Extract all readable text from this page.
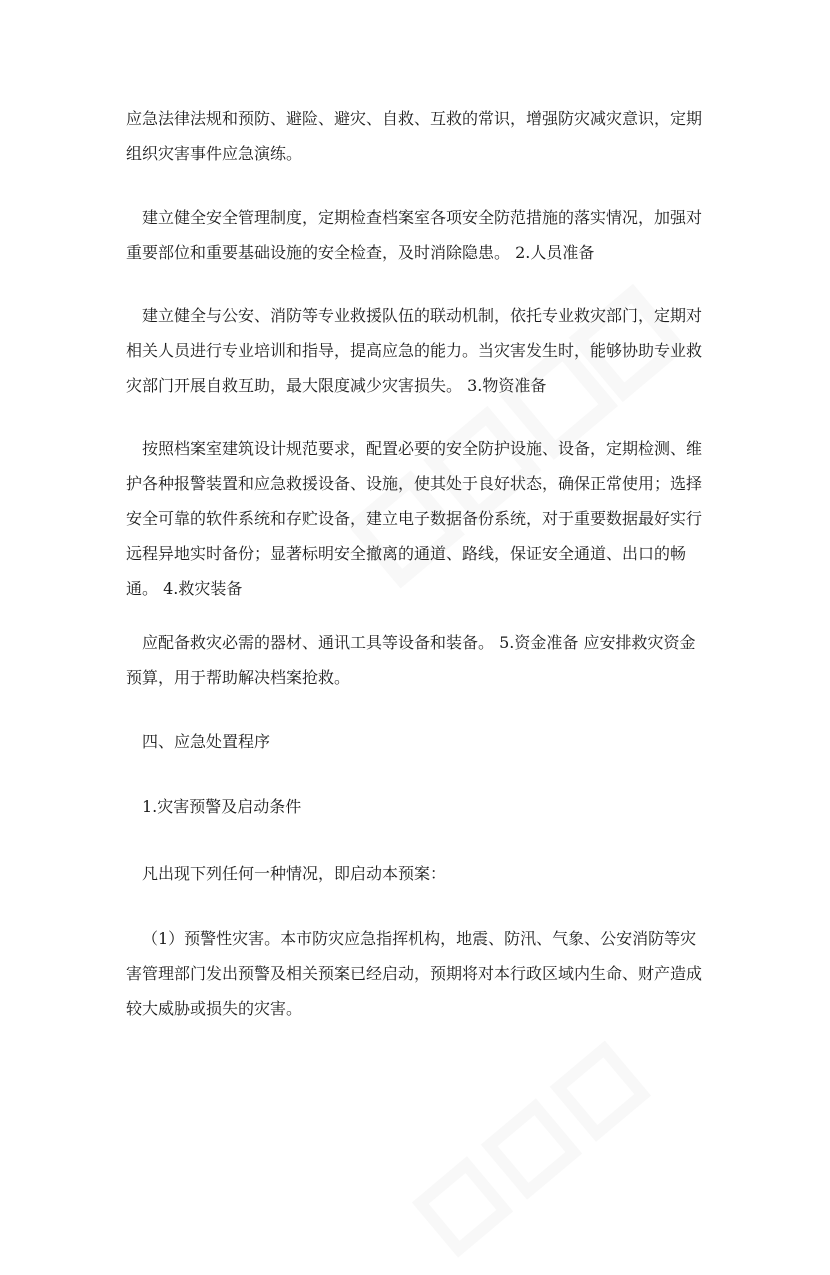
应急法律法规和预防、避险、避灾、自救、互救的常识，增强防灾减灾意识，定期组织灾害事件应急演练。

建立健全安全管理制度，定期检查档案室各项安全防范措施的落实情况，加强对重要部位和重要基础设施的安全检查，及时消除隐患。 2.人员准备

建立健全与公安、消防等专业救援队伍的联动机制，依托专业救灾部门，定期对相关人员进行专业培训和指导，提高应急的能力。当灾害发生时，能够协助专业救灾部门开展自救互助，最大限度减少灾害损失。 3.物资准备

按照档案室建筑设计规范要求，配置必要的安全防护设施、设备，定期检测、维护各种报警装置和应急救援设备、设施，使其处于良好状态，确保正常使用；选择安全可靠的软件系统和存贮设备，建立电子数据备份系统，对于重要数据最好实行远程异地实时备份；显著标明安全撤离的通道、路线，保证安全通道、出口的畅通。 4.救灾装备

应配备救灾必需的器材、通讯工具等设备和装备。 5.资金准备 应安排救灾资金预算，用于帮助解决档案抢救。

四、应急处置程序

1.灾害预警及启动条件

凡出现下列任何一种情况，即启动本预案：

（1）预警性灾害。本市防灾应急指挥机构，地震、防汛、气象、公安消防等灾害管理部门发出预警及相关预案已经启动，预期将对本行政区域内生命、财产造成较大威胁或损失的灾害。
